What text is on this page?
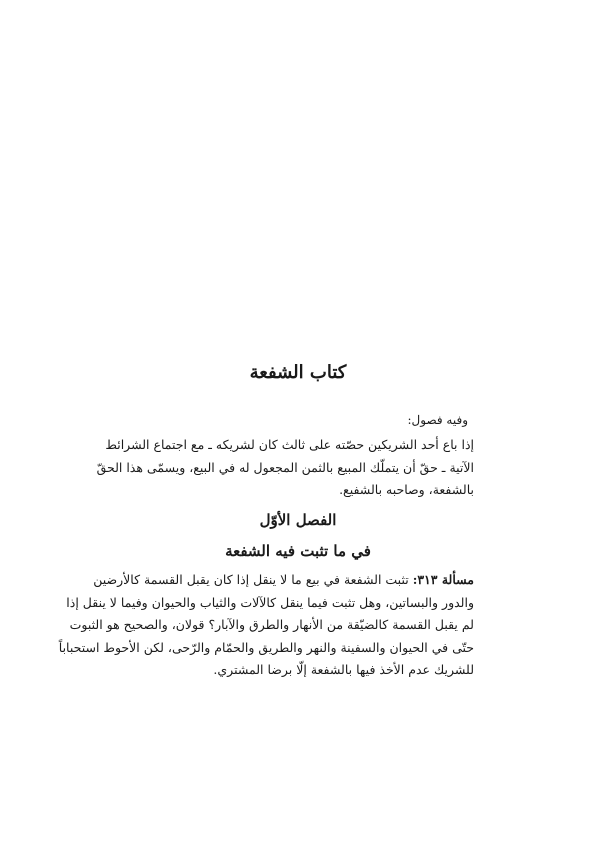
كتاب الشفعة
وفيه فصول:
إذا باع أحد الشريكين حصّته على ثالث كان لشريكه ـ مع اجتماع الشرائط
الآتية ـ حقّ أن يتملّك المبيع بالثمن المجعول له في البيع، ويسمّى هذا الحقّ
بالشفعة، وصاحبه بالشفيع.
الفصل الأوّل
في ما تثبت فيه الشفعة
مسألة ٣١٣: تثبت الشفعة في بيع ما لا ينقل إذا كان يقبل القسمة كالأرضين
والدور والبساتين، وهل تثبت فيما ينقل كالآلات والثياب والحيوان وفيما لا ينقل إذا
لم يقبل القسمة كالضيّقة من الأنهار والطرق والآبار؟ قولان، والصحيح هو الثبوت
حتّى في الحيوان والسفينة والنهر والطريق والحمّام والرّحى، لكن الأحوط استحباباً
للشريك عدم الأخذ فيها بالشفعة إلّا برضا المشتري.
